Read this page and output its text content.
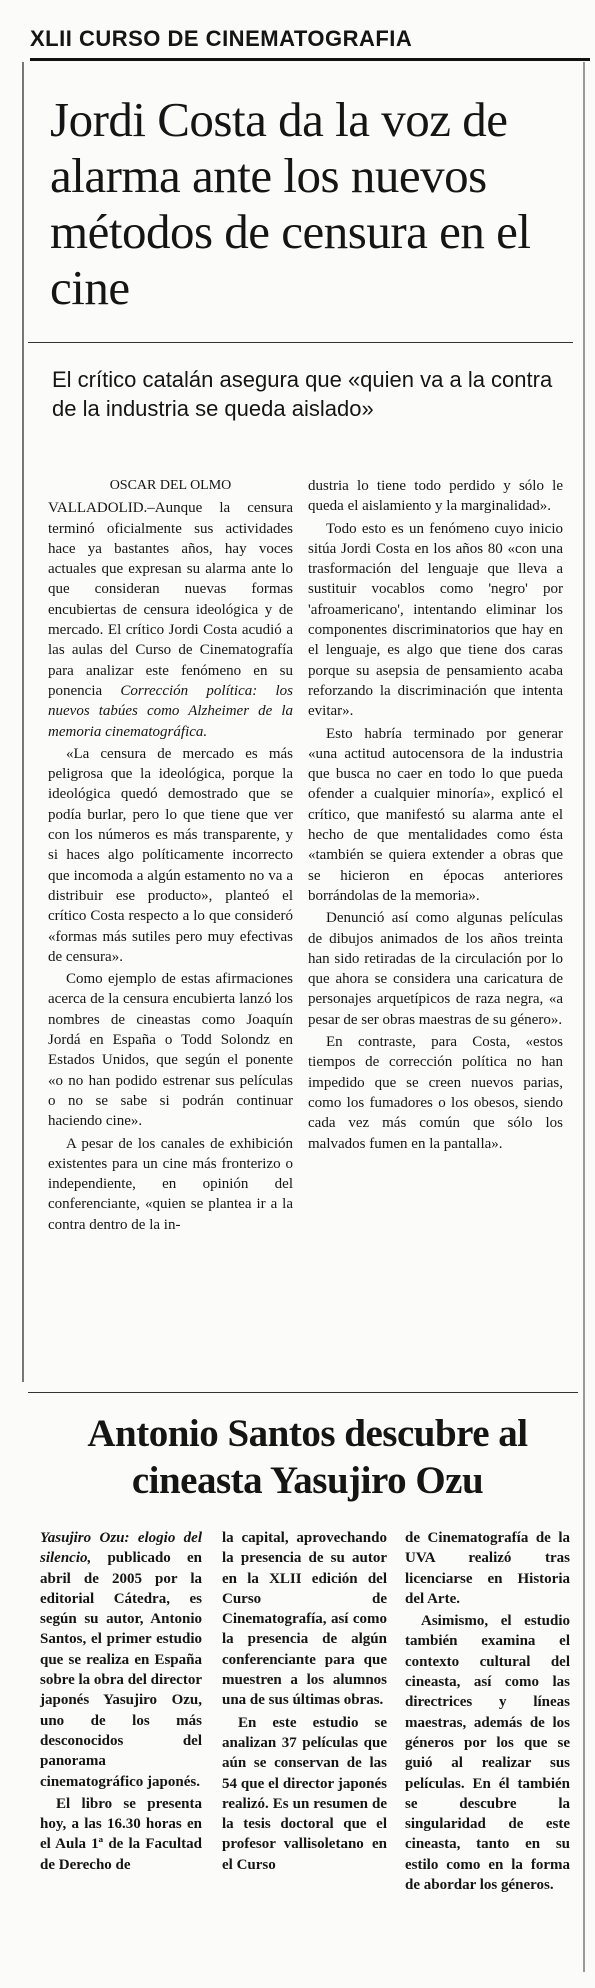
XLII CURSO DE CINEMATOGRAFIA
Jordi Costa da la voz de alarma ante los nuevos métodos de censura en el cine

El crítico catalán asegura que «quien va a la contra de la industria se queda aislado»

OSCAR DEL OLMO

VALLADOLID.–Aunque la censura terminó oficialmente sus actividades hace ya bastantes años, hay voces actuales que expresan su alarma ante lo que consideran nuevas formas encubiertas de censura ideológica y de mercado. El crítico Jordi Costa acudió a las aulas del Curso de Cinematografía para analizar este fenómeno en su ponencia Corrección política: los nuevos tabúes como Alzheimer de la memoria cinematográfica.

«La censura de mercado es más peligrosa que la ideológica, porque la ideológica quedó demostrado que se podía burlar, pero lo que tiene que ver con los números es más transparente, y si haces algo políticamente incorrecto que incomoda a algún estamento no va a distribuir ese producto», planteó el crítico Costa respecto a lo que consideró «formas más sutiles pero muy efectivas de censura».

Como ejemplo de estas afirmaciones acerca de la censura encubierta lanzó los nombres de cineastas como Joaquín Jordá en España o Todd Solondz en Estados Unidos, que según el ponente «o no han podido estrenar sus películas o no se sabe si podrán continuar haciendo cine».

A pesar de los canales de exhibición existentes para un cine más fronterizo o independiente, en opinión del conferenciante, «quien se plantea ir a la contra dentro de la in-

dustria lo tiene todo perdido y sólo le queda el aislamiento y la marginalidad».

Todo esto es un fenómeno cuyo inicio sitúa Jordi Costa en los años 80 «con una trasformación del lenguaje que lleva a sustituir vocablos como 'negro' por 'afroamericano', intentando eliminar los componentes discriminatorios que hay en el lenguaje, es algo que tiene dos caras porque su asepsia de pensamiento acaba reforzando la discriminación que intenta evitar».

Esto habría terminado por generar «una actitud autocensora de la industria que busca no caer en todo lo que pueda ofender a cualquier minoría», explicó el crítico, que manifestó su alarma ante el hecho de que mentalidades como ésta «también se quiera extender a obras que se hicieron en épocas anteriores borrándolas de la memoria».

Denunció así como algunas películas de dibujos animados de los años treinta han sido retiradas de la circulación por lo que ahora se considera una caricatura de personajes arquetípicos de raza negra, «a pesar de ser obras maestras de su género».

En contraste, para Costa, «estos tiempos de corrección política no han impedido que se creen nuevos parias, como los fumadores o los obesos, siendo cada vez más común que sólo los malvados fumen en la pantalla».

Antonio Santos descubre al cineasta Yasujiro Ozu

Yasujiro Ozu: elogio del silencio, publicado en abril de 2005 por la editorial Cátedra, es según su autor, Antonio Santos, el primer estudio que se realiza en España sobre la obra del director japonés Yasujiro Ozu, uno de los más desconocidos del panorama cinematográfico japonés.

El libro se presenta hoy, a las 16.30 horas en el Aula 1ª de la Facultad de Derecho de

la capital, aprovechando la presencia de su autor en la XLII edición del Curso de Cinematografía, así como la presencia de algún conferenciante para que muestren a los alumnos una de sus últimas obras.

En este estudio se analizan 37 películas que aún se conservan de las 54 que el director japonés realizó. Es un resumen de la tesis doctoral que el profesor vallisoletano en el Curso

de Cinematografía de la UVA realizó tras licenciarse en Historia del Arte.

Asimismo, el estudio también examina el contexto cultural del cineasta, así como las directrices y líneas maestras, además de los géneros por los que se guió al realizar sus películas. En él también se descubre la singularidad de este cineasta, tanto en su estilo como en la forma de abordar los géneros.
